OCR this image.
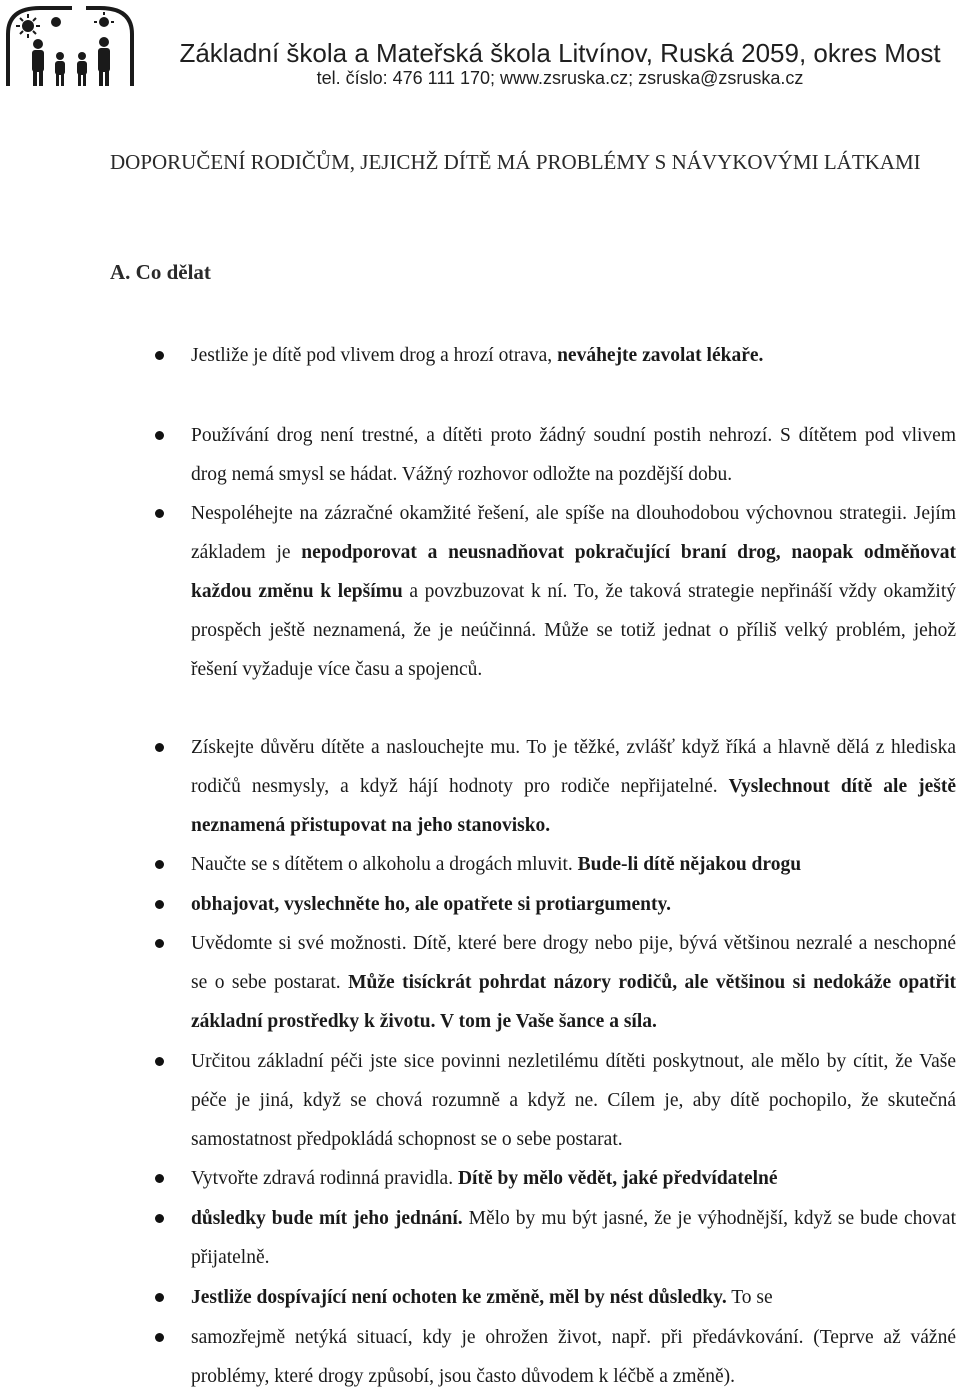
Základní škola a Mateřská škola Litvínov, Ruská 2059, okres Most
tel. číslo: 476 111 170; www.zsruska.cz; zsruska@zsruska.cz
DOPORUČENÍ RODIČŮM, JEJICHŽ DÍTĚ MÁ PROBLÉMY S NÁVYKOVÝMI LÁTKAMI
A. Co dělat
Jestliže je dítě pod vlivem drog a hrozí otrava, neváhejte zavolat lékaře.
Používání drog není trestné, a dítěti proto žádný soudní postih nehrozí. S dítětem pod vlivem drog nemá smysl se hádat. Vážný rozhovor odložte na pozdější dobu.
Nespoléhejte na zázračné okamžité řešení, ale spíše na dlouhodobou výchovnou strategii. Jejím základem je nepodporovat a neusnadňovat pokračující braní drog, naopak odměňovat každou změnu k lepšímu a povzbuzovat k ní. To, že taková strategie nepřináší vždy okamžitý prospěch ještě neznamená, že je neúčinná. Může se totiž jednat o příliš velký problém, jehož řešení vyžaduje více času a spojenců.
Získejte důvěru dítěte a naslouchejte mu. To je těžké, zvlášť když říká a hlavně dělá z hlediska rodičů nesmysly, a když hájí hodnoty pro rodiče nepřijatelné. Vyslechnout dítě ale ještě neznamená přistupovat na jeho stanovisko.
Naučte se s dítětem o alkoholu a drogách mluvit. Bude-li dítě nějakou drogu
obhajovat, vyslechněte ho, ale opatřete si protiargumenty.
Uvědomte si své možnosti. Dítě, které bere drogy nebo pije, bývá většinou nezralé a neschopné se o sebe postarat. Může tisíckrát pohrdat názory rodičů, ale většinou si nedokáže opatřit základní prostředky k životu. V tom je Vaše šance a síla.
Určitou základní péči jste sice povinni nezletilému dítěti poskytnout, ale mělo by cítit, že Vaše péče je jiná, když se chová rozumně a když ne. Cílem je, aby dítě pochopilo, že skutečná samostatnost předpokládá schopnost se o sebe postarat.
Vytvořte zdravá rodinná pravidla. Dítě by mělo vědět, jaké předvídatelné
důsledky bude mít jeho jednání. Mělo by mu být jasné, že je výhodnější, když se bude chovat přijatelně.
Jestliže dospívající není ochoten ke změně, měl by nést důsledky. To se
samozřejmě netýká situací, kdy je ohrožen život, např. při předávkování. (Teprve až vážné problémy, které drogy způsobí, jsou často důvodem k léčbě a změně).
